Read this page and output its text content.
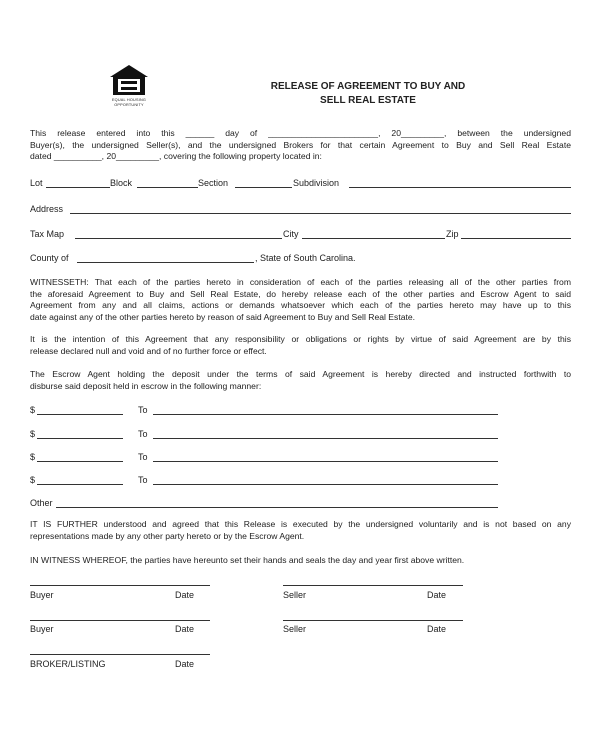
EQUAL HOUSING
OPPORTUNITY
RELEASE OF AGREEMENT TO BUY AND
SELL REAL ESTATE
This release entered into this ______ day of _______________________, 20_________, between the undersigned
Buyer(s), the undersigned Seller(s), and the undersigned Brokers for that certain Agreement to Buy and Sell Real Estate
dated __________, 20_________, covering the following property located in:
Lot	Block	Section	Subdivision
Address
Tax Map	City	Zip
County of	, State of South Carolina.
WITNESSETH: That each of the parties hereto in consideration of each of the parties releasing all of the other parties from
the aforesaid Agreement to Buy and Sell Real Estate, do hereby release each of the other parties and Escrow Agent to said
Agreement from any and all claims, actions or demands whatsoever which each of the parties hereto may have up to this
date against any of the other parties hereto by reason of said Agreement to Buy and Sell Real Estate.
It is the intention of this Agreement that any responsibility or obligations or rights by virtue of said Agreement are by this
release declared null and void and of no further force or effect.
The Escrow Agent holding the deposit under the terms of said Agreement is hereby directed and instructed forthwith to
disburse said deposit held in escrow in the following manner:
$	To
$	To
$	To
$	To
Other
IT IS FURTHER understood and agreed that this Release is executed by the undersigned voluntarily and is not based on any
representations made by any other party hereto or by the Escrow Agent.
IN WITNESS WHEREOF, the parties have hereunto set their hands and seals the day and year first above written.
Buyer	Date	Seller	Date
Buyer	Date	Seller	Date
BROKER/LISTING	Date
